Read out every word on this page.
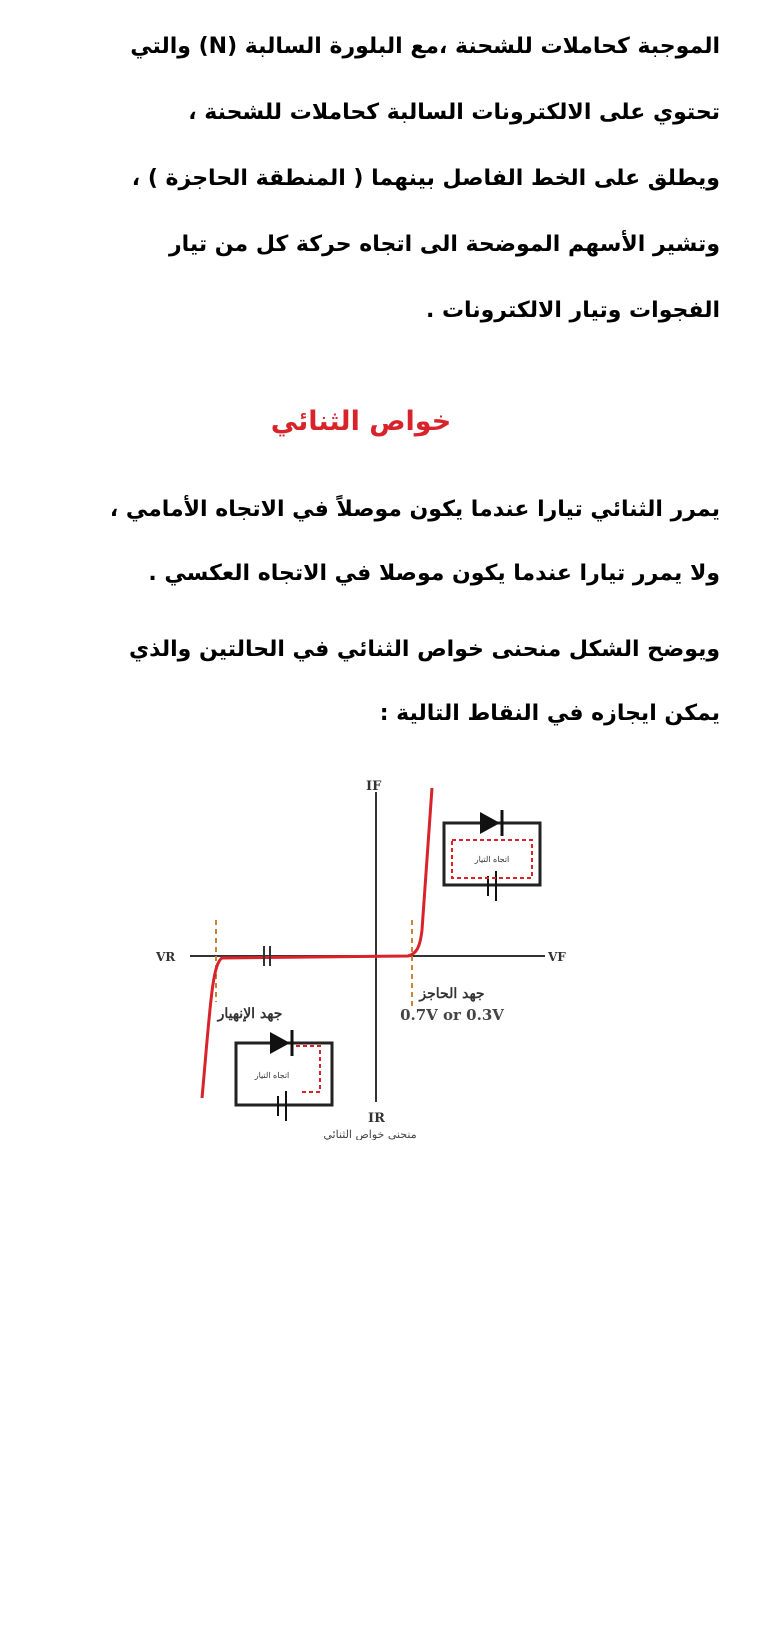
الموجبة كحاملات للشحنة ،مع البلورة السالبة (N) والتي
تحتوي على الالكترونات السالبة كحاملات للشحنة ،
ويطلق على الخط الفاصل بينهما ( المنطقة الحاجزة ) ،
وتشير الأسهم الموضحة الى اتجاه حركة كل من تيار
الفجوات وتيار الالكترونات .
خواص الثنائي
يمرر الثنائي تيارا عندما يكون موصلاً في الاتجاه الأمامي ،
ولا يمرر تيارا عندما يكون موصلا في الاتجاه العكسي .
ويوضح الشكل منحنى خواص الثنائي في الحالتين والذي
يمكن ايجازه في النقاط التالية :
IF
IR
VR	VF
اتجاه التيار
اتجاه التيار
جهد الإنهيار
جهد الحاجز
0.7V or 0.3V
منحنى خواص الثنائي
